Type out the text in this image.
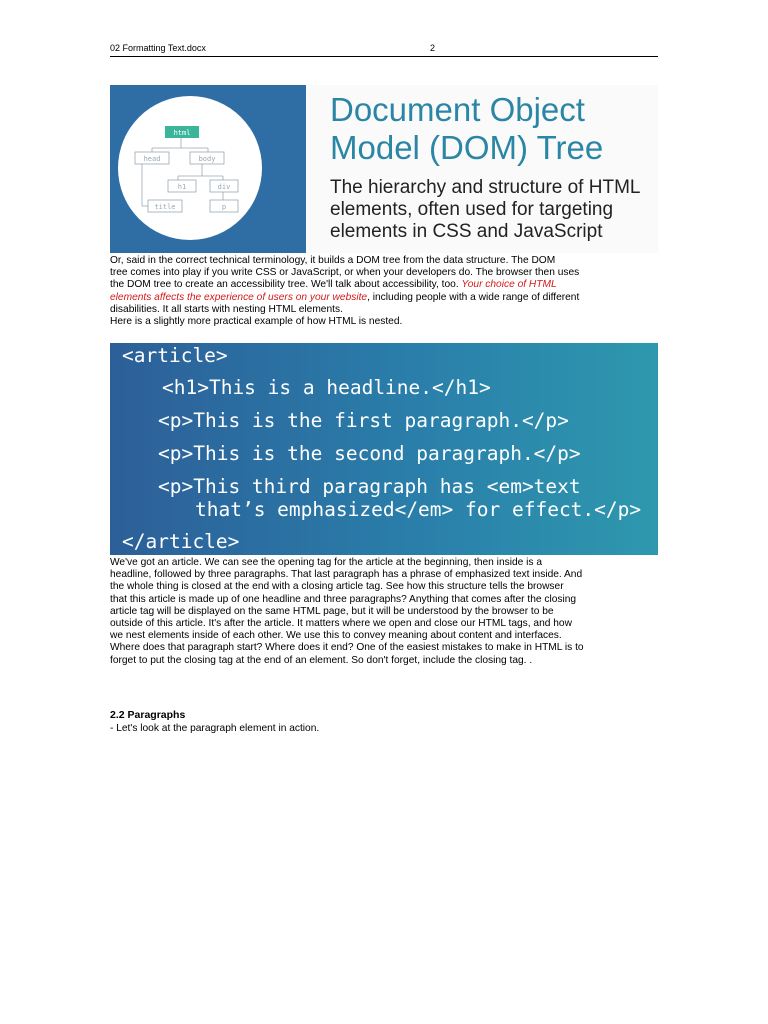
02 Formatting Text.docx	2
html
head	body
h1	div
title	p
Document Object
Model (DOM) Tree
The hierarchy and structure of HTML
elements, often used for targeting
elements in CSS and JavaScript
Or, said in the correct technical terminology, it builds a DOM tree from the data structure. The DOM
tree comes into play if you write CSS or JavaScript, or when your developers do. The browser then uses
the DOM tree to create an accessibility tree. We'll talk about accessibility, too. Your choice of HTML
elements affects the experience of users on your website, including people with a wide range of different
disabilities. It all starts with nesting HTML elements.
Here is a slightly more practical example of how HTML is nested.
<article>
<h1>This is a headline.</h1>
<p>This is the first paragraph.</p>
<p>This is the second paragraph.</p>
<p>This third paragraph has <em>text
that’s emphasized</em> for effect.</p>
</article>
We've got an article. We can see the opening tag for the article at the beginning, then inside is a
headline, followed by three paragraphs. That last paragraph has a phrase of emphasized text inside. And
the whole thing is closed at the end with a closing article tag. See how this structure tells the browser
that this article is made up of one headline and three paragraphs? Anything that comes after the closing
article tag will be displayed on the same HTML page, but it will be understood by the browser to be
outside of this article. It's after the article. It matters where we open and close our HTML tags, and how
we nest elements inside of each other. We use this to convey meaning about content and interfaces.
Where does that paragraph start? Where does it end? One of the easiest mistakes to make in HTML is to
forget to put the closing tag at the end of an element. So don't forget, include the closing tag. .
2.2 Paragraphs
- Let's look at the paragraph element in action.
